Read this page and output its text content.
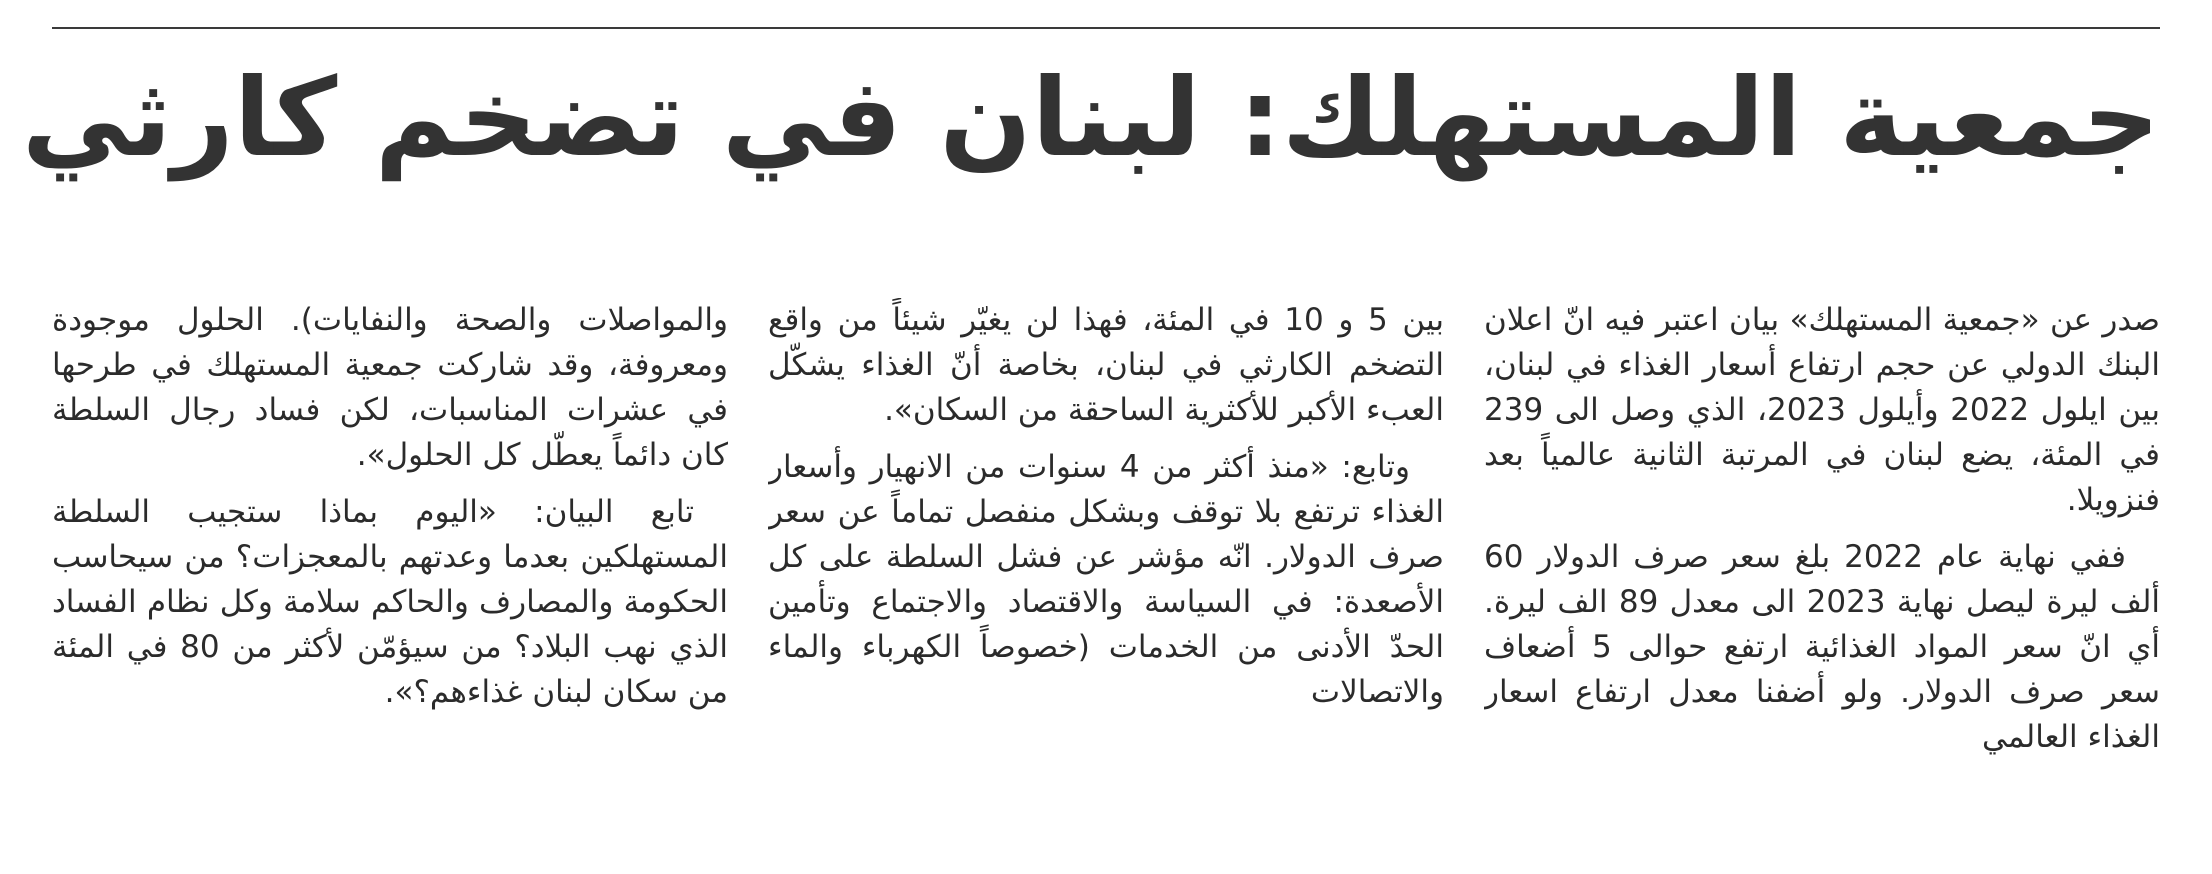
جمعية المستهلك: لبنان في تضخم كارثي

صدر عن «جمعية المستهلك» بيان اعتبر فيه انّ اعلان البنك الدولي عن حجم ارتفاع أسعار الغذاء في لبنان، بين ايلول 2022 وأيلول 2023، الذي وصل الى 239 في المئة، يضع لبنان في المرتبة الثانية عالمياً بعد فنزويلا.

ففي نهاية عام 2022 بلغ سعر صرف الدولار 60 ألف ليرة ليصل نهاية 2023 الى معدل 89 الف ليرة. أي انّ سعر المواد الغذائية ارتفع حوالى 5 أضعاف سعر صرف الدولار. ولو أضفنا معدل ارتفاع اسعار الغذاء العالمي

بين 5 و 10 في المئة، فهذا لن يغيّر شيئاً من واقع التضخم الكارثي في لبنان، بخاصة أنّ الغذاء يشكّل العبء الأكبر للأكثرية الساحقة من السكان».

وتابع: «منذ أكثر من 4 سنوات من الانهيار وأسعار الغذاء ترتفع بلا توقف وبشكل منفصل تماماً عن سعر صرف الدولار. انّه مؤشر عن فشل السلطة على كل الأصعدة: في السياسة والاقتصاد والاجتماع وتأمين الحدّ الأدنى من الخدمات (خصوصاً الكهرباء والماء والاتصالات

والمواصلات والصحة والنفايات). الحلول موجودة ومعروفة، وقد شاركت جمعية المستهلك في طرحها في عشرات المناسبات، لكن فساد رجال السلطة كان دائماً يعطّل كل الحلول».

تابع البيان: «اليوم بماذا ستجيب السلطة المستهلكين بعدما وعدتهم بالمعجزات؟ من سيحاسب الحكومة والمصارف والحاكم سلامة وكل نظام الفساد الذي نهب البلاد؟ من سيؤمّن لأكثر من 80 في المئة من سكان لبنان غذاءهم؟».
